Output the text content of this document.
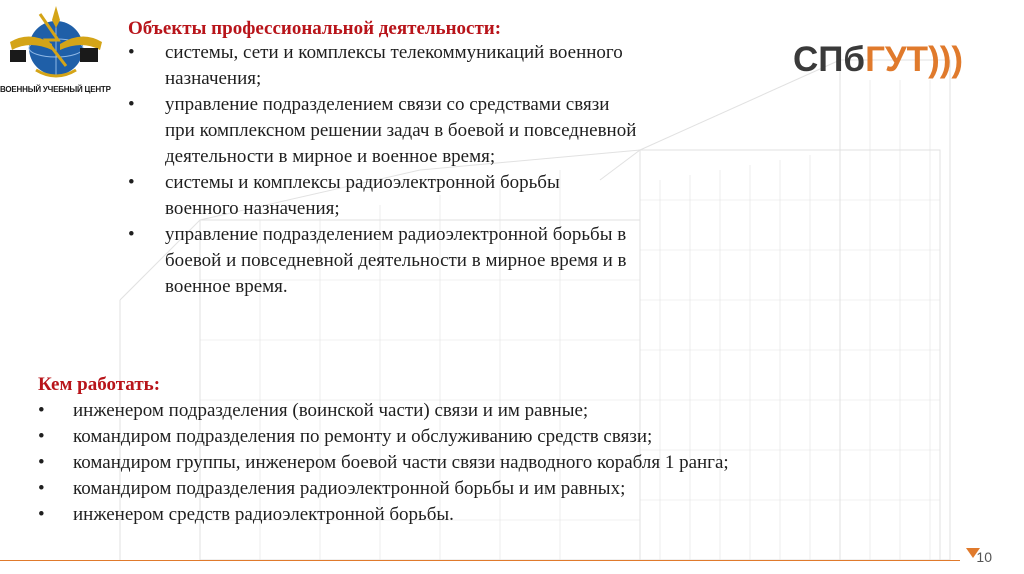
ВОЕННЫЙ УЧЕБНЫЙ ЦЕНТР
СПбГУТ)))

Объекты профессиональной деятельности:

• системы, сети и комплексы телекоммуникаций военного
назначения;
• управление подразделением связи со средствами связи
при комплексном решении задач в боевой и повседневной
деятельности в мирное и военное время;
• системы и комплексы радиоэлектронной борьбы
военного назначения;
• управление подразделением радиоэлектронной борьбы в
боевой и повседневной деятельности в мирное время и в
военное время.

Кем работать:

• инженером подразделения (воинской части) связи и им равные;
• командиром подразделения по ремонту и обслуживанию средств связи;
• командиром группы, инженером боевой части связи надводного корабля 1 ранга;
• командиром подразделения радиоэлектронной борьбы и им равных;
• инженером средств радиоэлектронной борьбы.
10
